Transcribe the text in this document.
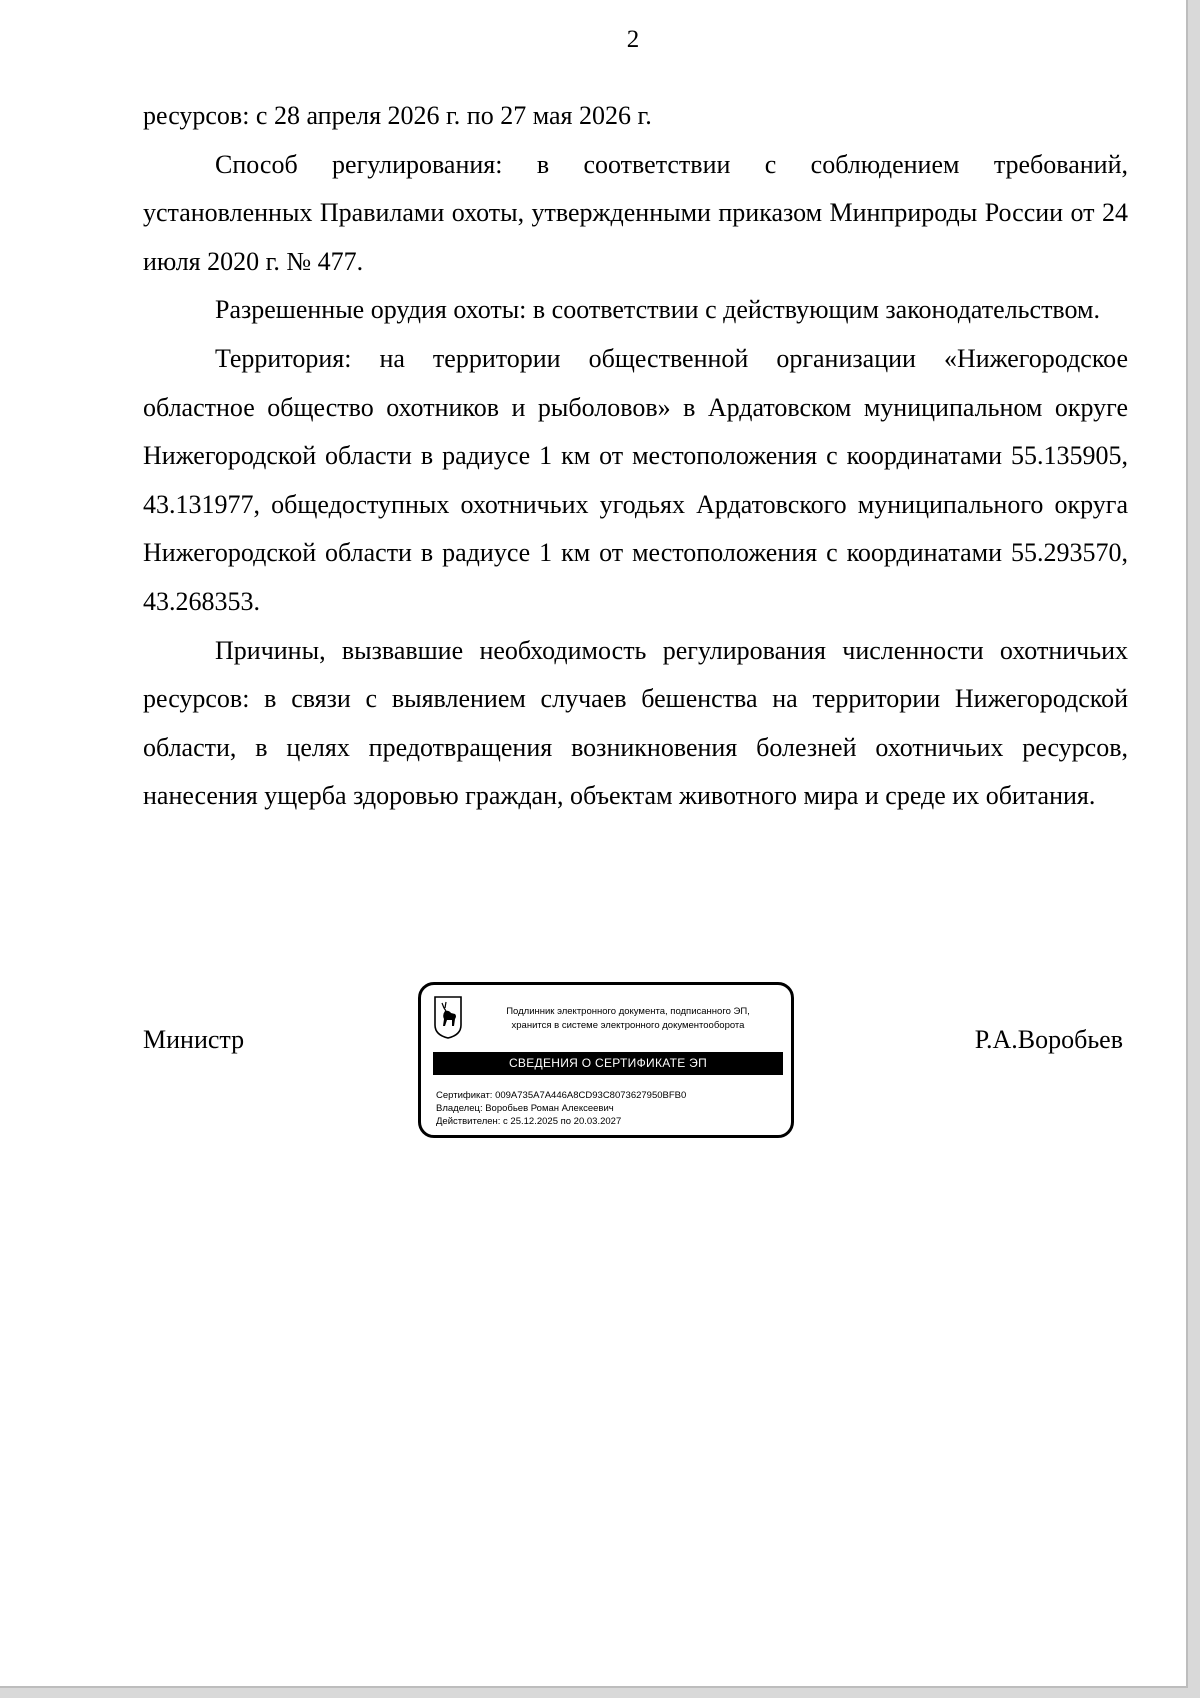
2

ресурсов: с 28 апреля 2026 г. по 27 мая 2026 г.

Способ регулирования: в соответствии с соблюдением требований, установленных Правилами охоты, утвержденными приказом Минприроды России от 24 июля 2020 г. № 477.

Разрешенные орудия охоты: в соответствии с действующим законодательством.

Территория: на территории общественной организации «Нижегородское областное общество охотников и рыболовов» в Ардатовском муниципальном округе Нижегородской области в радиусе 1 км от местоположения с координатами 55.135905, 43.131977, общедоступных охотничьих угодьях Ардатовского муниципального округа Нижегородской области в радиусе 1 км от местоположения с координатами 55.293570, 43.268353.

Причины, вызвавшие необходимость регулирования численности охотничьих ресурсов: в связи с выявлением случаев бешенства на территории Нижегородской области, в целях предотвращения возникновения болезней охотничьих ресурсов, нанесения ущерба здоровью граждан, объектам животного мира и среде их обитания.

Министр	Р.А.Воробьев
Подлинник электронного документа, подписанного ЭП,
хранится в системе электронного документооборота
СВЕДЕНИЯ О СЕРТИФИКАТЕ ЭП
Сертификат: 009A735A7A446A8CD93C8073627950BFB0
Владелец: Воробьев Роман Алексеевич
Действителен: с 25.12.2025 по 20.03.2027
